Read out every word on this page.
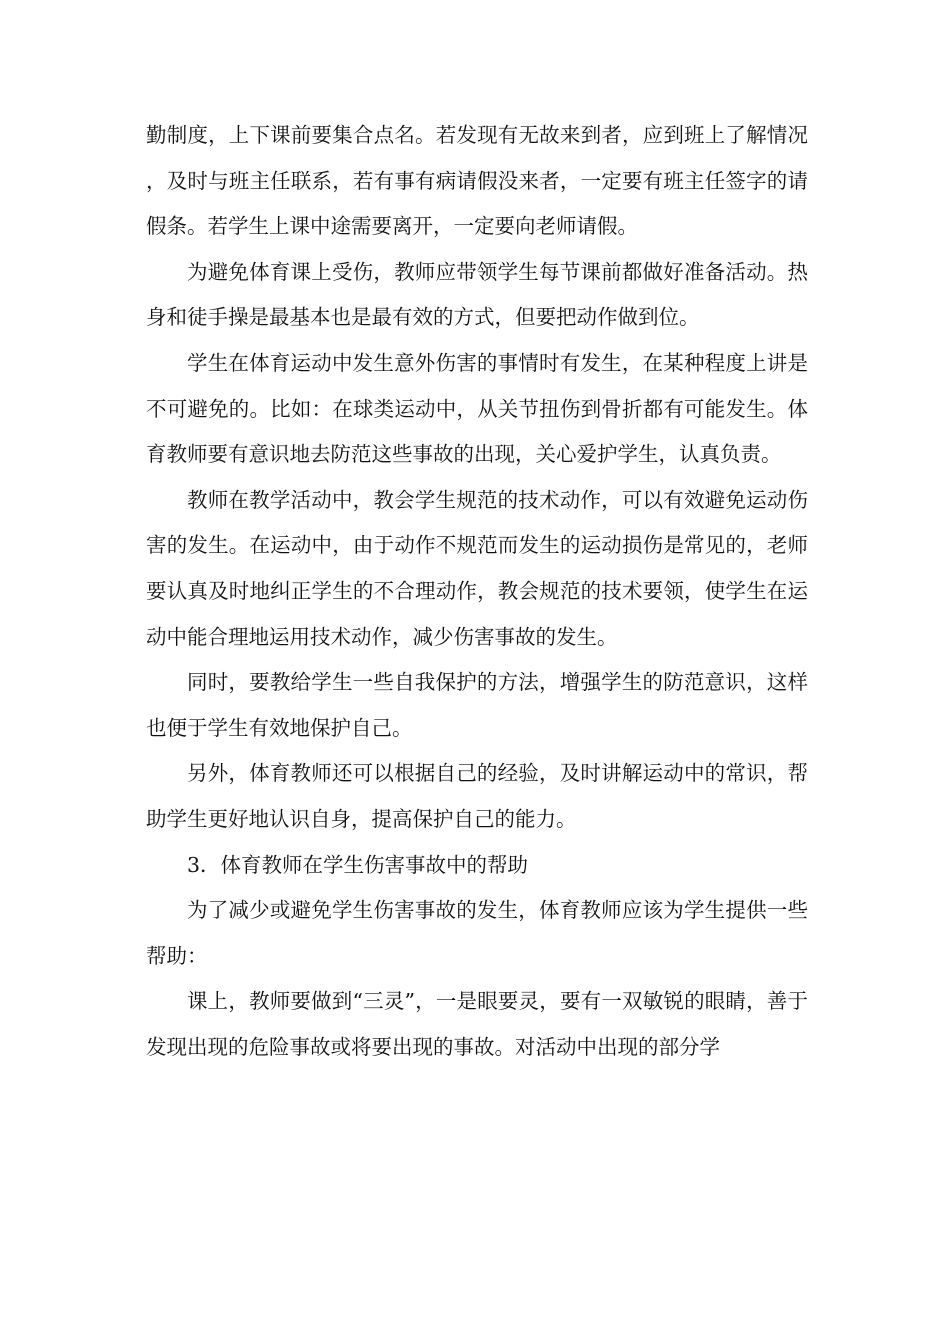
勤制度，上下课前要集合点名。若发现有无故来到者，应到班上了解情况，及时与班主任联系，若有事有病请假没来者，一定要有班主任签字的请假条。若学生上课中途需要离开，一定要向老师请假。

为避免体育课上受伤，教师应带领学生每节课前都做好准备活动。热身和徒手操是最基本也是最有效的方式，但要把动作做到位。

学生在体育运动中发生意外伤害的事情时有发生，在某种程度上讲是不可避免的。比如：在球类运动中，从关节扭伤到骨折都有可能发生。体育教师要有意识地去防范这些事故的出现，关心爱护学生，认真负责。

教师在教学活动中，教会学生规范的技术动作，可以有效避免运动伤害的发生。在运动中，由于动作不规范而发生的运动损伤是常见的，老师要认真及时地纠正学生的不合理动作，教会规范的技术要领，使学生在运动中能合理地运用技术动作，减少伤害事故的发生。

同时，要教给学生一些自我保护的方法，增强学生的防范意识，这样也便于学生有效地保护自己。

另外，体育教师还可以根据自己的经验，及时讲解运动中的常识，帮助学生更好地认识自身，提高保护自己的能力。

3．体育教师在学生伤害事故中的帮助

为了减少或避免学生伤害事故的发生，体育教师应该为学生提供一些帮助：

课上，教师要做到“三灵”，一是眼要灵，要有一双敏锐的眼睛，善于发现出现的危险事故或将要出现的事故。对活动中出现的部分学
